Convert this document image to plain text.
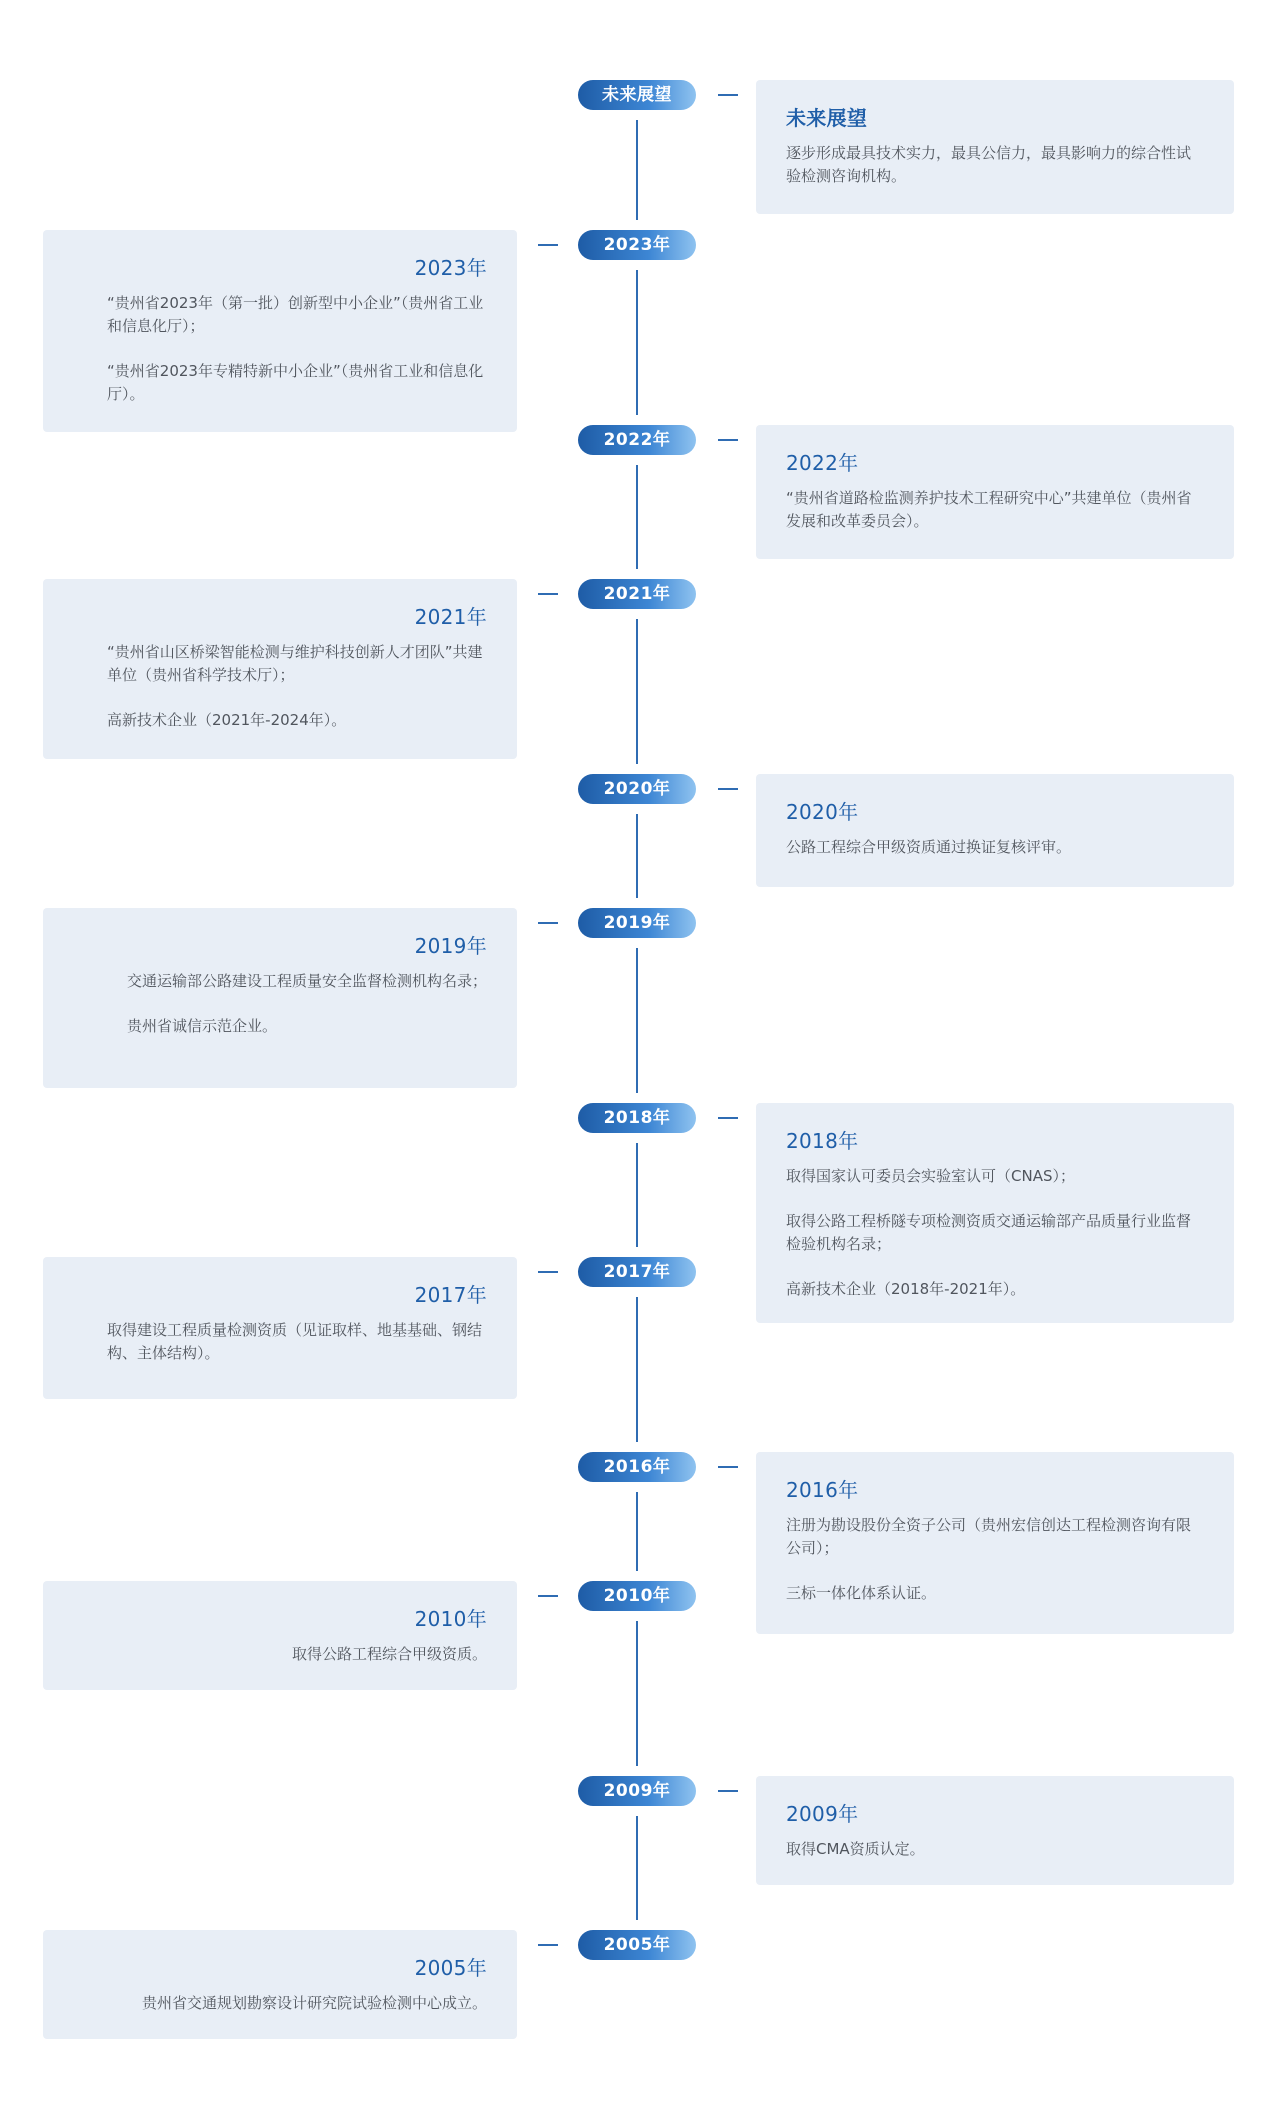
未来展望
未来展望
逐步形成最具技术实力，最具公信力，最具影响力的综合性试验检测咨询机构。
2023年
2023年
“贵州省2023年（第一批）创新型中小企业”（贵州省工业和信息化厅）；
“贵州省2023年专精特新中小企业”（贵州省工业和信息化厅）。
2022年
2022年
“贵州省道路检监测养护技术工程研究中心”共建单位（贵州省发展和改革委员会）。
2021年
2021年
“贵州省山区桥梁智能检测与维护科技创新人才团队”共建单位（贵州省科学技术厅）；
高新技术企业（2021年-2024年）。
2020年
2020年
公路工程综合甲级资质通过换证复核评审。
2019年
2019年
交通运输部公路建设工程质量安全监督检测机构名录；
贵州省诚信示范企业。
2018年
2018年
取得国家认可委员会实验室认可（CNAS）；
取得公路工程桥隧专项检测资质交通运输部产品质量行业监督检验机构名录；
高新技术企业（2018年-2021年）。
2017年
2017年
取得建设工程质量检测资质（见证取样、地基基础、钢结构、主体结构）。
2016年
2016年
注册为勘设股份全资子公司（贵州宏信创达工程检测咨询有限公司）；
三标一体化体系认证。
2010年
2010年
取得公路工程综合甲级资质。
2009年
2009年
取得CMA资质认定。
2005年
2005年
贵州省交通规划勘察设计研究院试验检测中心成立。
